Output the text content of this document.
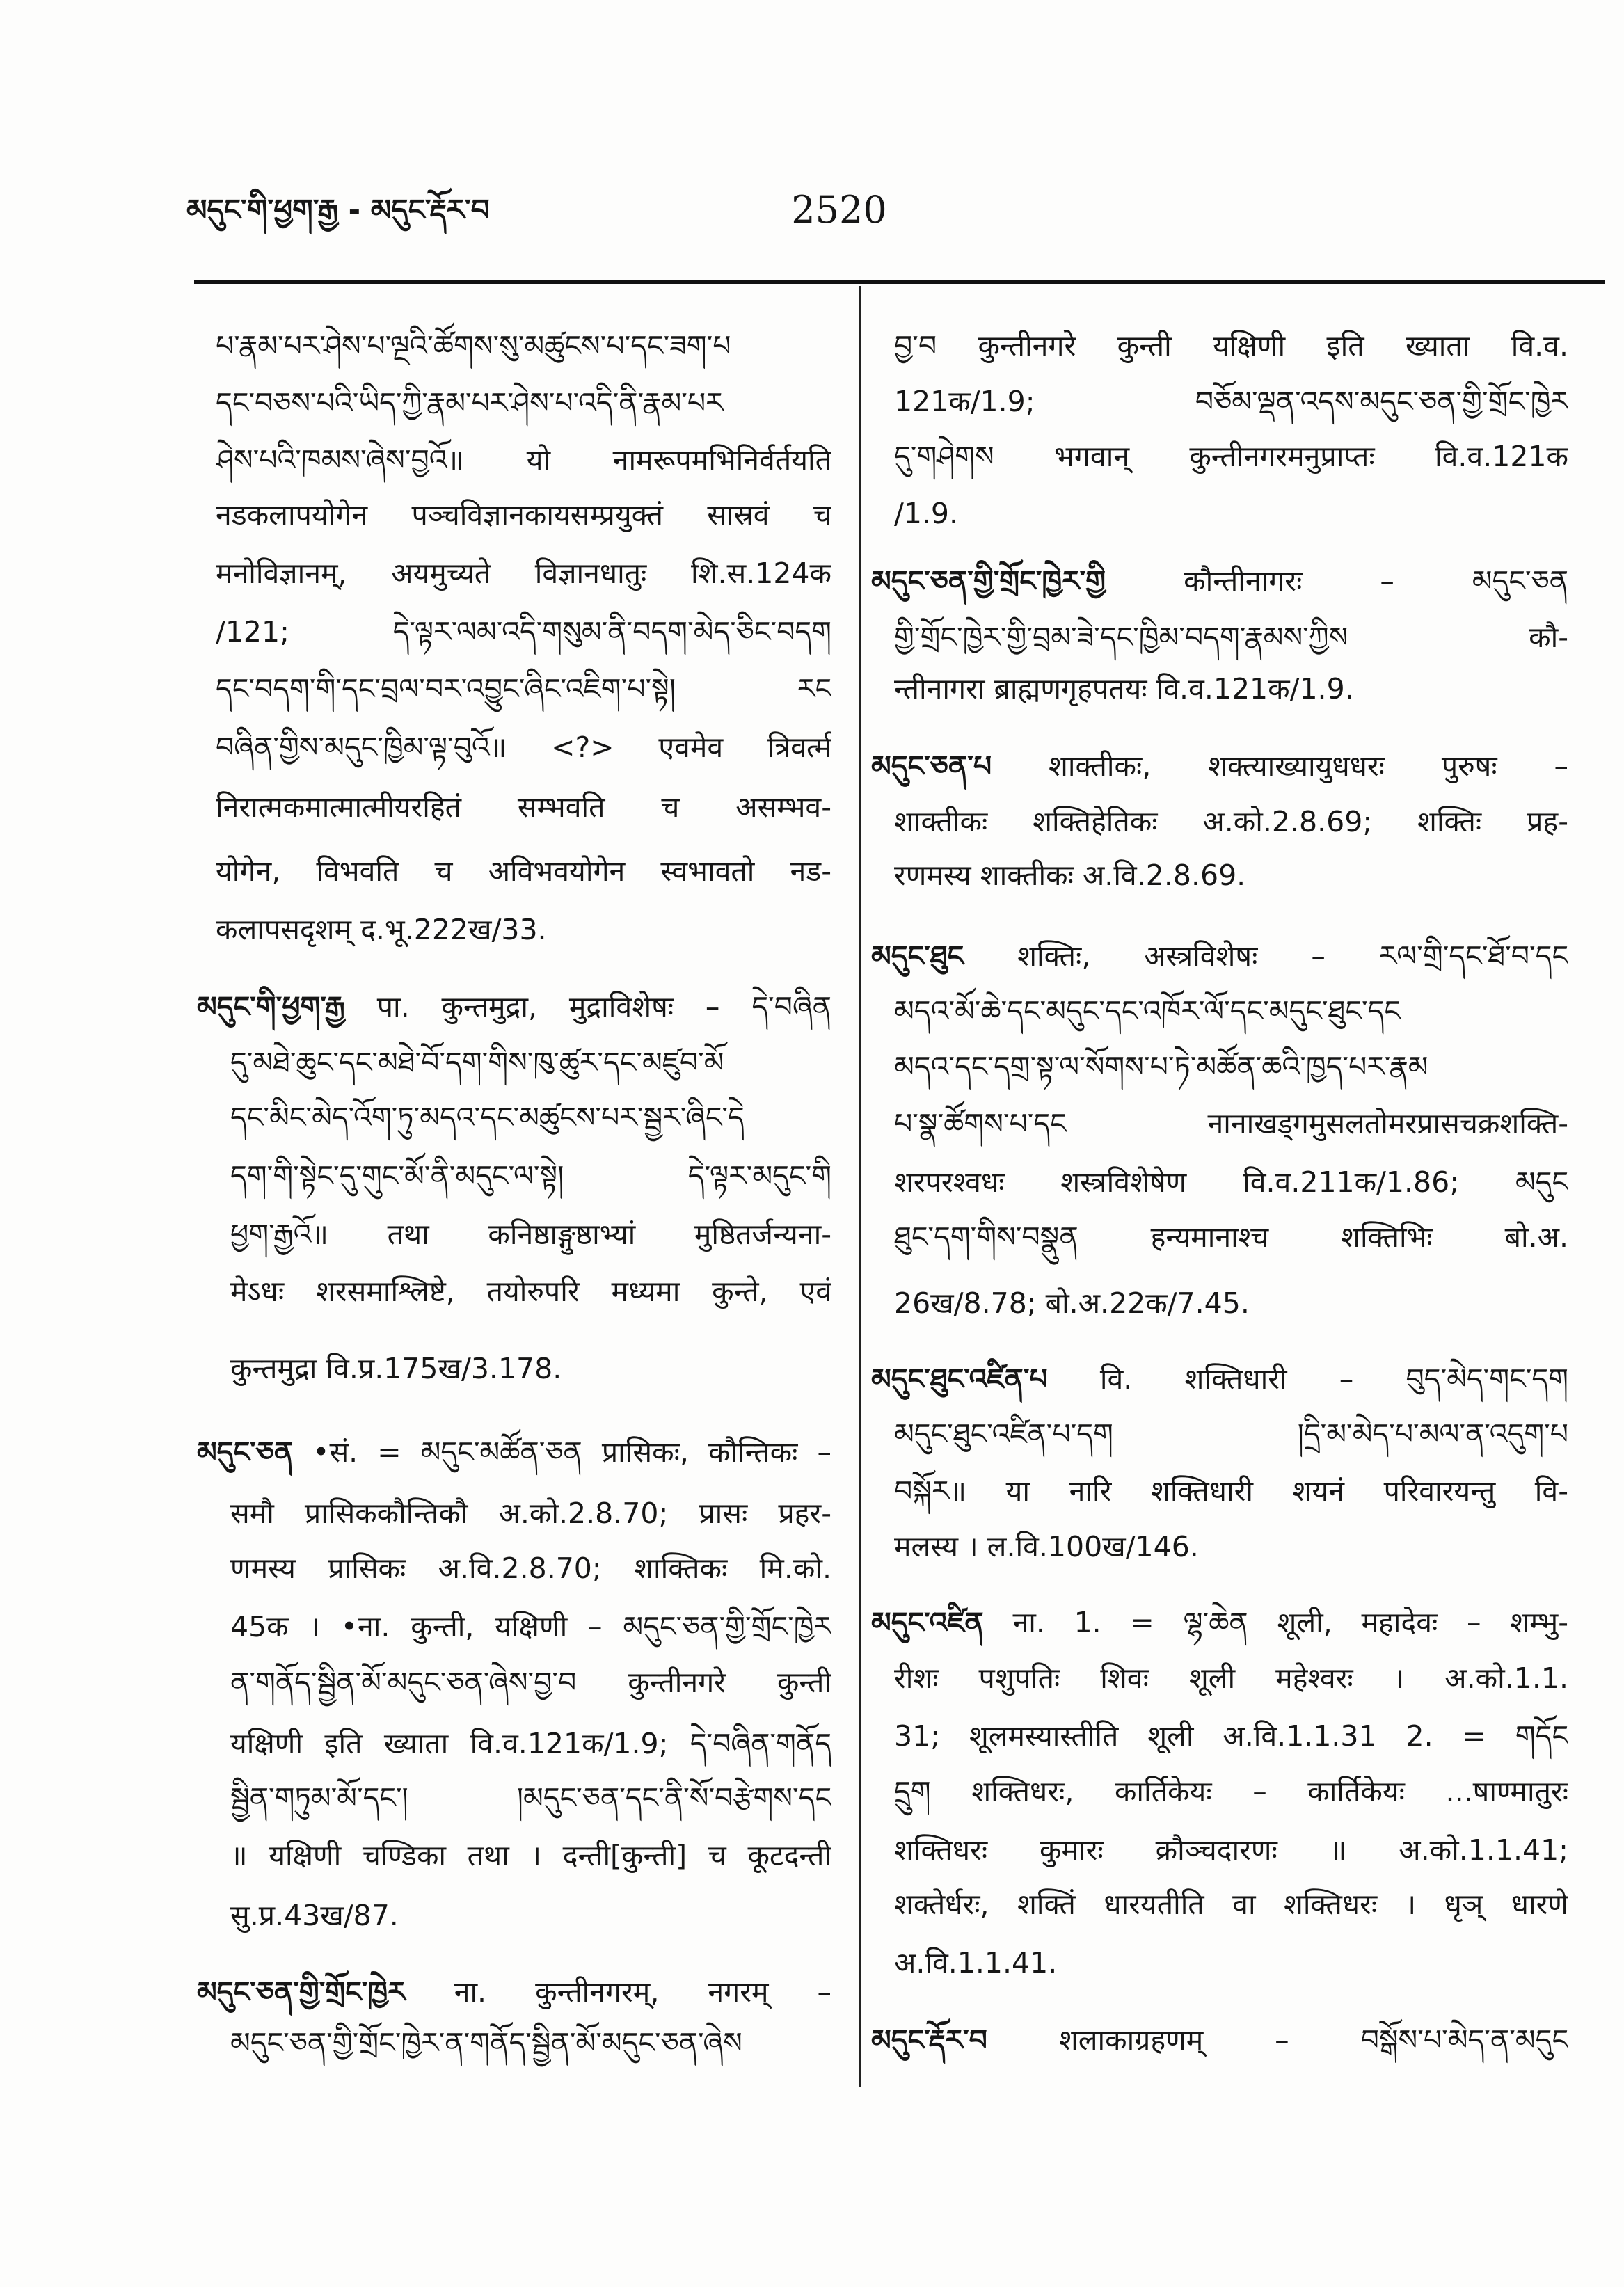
མདུང་གི་ཕྱག་རྒྱ - མདུང་རྡོར་བ	2520
པ་རྣམ་པར་ཤེས་པ་ལྔའི་ཚོགས་སུ་མཚུངས་པ་དང་ཟག་པ
དང་བཅས་པའི་ཡིད་ཀྱི་རྣམ་པར་ཤེས་པ་འདི་ནི་རྣམ་པར
ཤེས་པའི་ཁམས་ཞེས་བྱའོ॥ यो नामरूपमभिनिर्वर्तयति
नडकलापयोगेन पञ्चविज्ञानकायसम्प्रयुक्तं सास्रवं च
मनोविज्ञानम्, अयमुच्यते विज्ञानधातुः शि.स.124क
/121; དེ་ལྟར་ལམ་འདི་གསུམ་ནི་བདག་མེད་ཅིང་བདག
དང་བདག་གི་དང་བྲལ་བར་འབྱུང་ཞིང་འཇིག་པ་སྟེ། རང
བཞིན་གྱིས་མདུང་ཁྱིམ་ལྟ་བུའོ॥ <?> एवमेव त्रिवर्त्म
निरात्मकमात्मात्मीयरहितं सम्भवति च असम्भव-
योगेन, विभवति च अविभवयोगेन स्वभावतो नड-
कलापसदृशम् द.भू.222ख/33.
མདུང་གི་ཕྱག་རྒྱ पा. कुन्तमुद्रा, मुद्राविशेषः – དེ་བཞིན
དུ་མཐེ་ཆུང་དང་མཐེ་བོ་དག་གིས་ཁུ་ཚུར་དང་མཛུབ་མོ
དང་མིང་མེད་འོག་ཏུ་མདའ་དང་མཚུངས་པར་སྦྱར་ཞིང་དེ
དག་གི་སྟེང་དུ་གུང་མོ་ནི་མདུང་ལ་སྟེ། དེ་ལྟར་མདུང་གི
ཕྱག་རྒྱའོ॥ तथा कनिष्ठाङ्गुष्ठाभ्यां मुष्ठितर्जन्यना-
मेऽधः शरसमाश्लिष्टे, तयोरुपरि मध्यमा कुन्ते, एवं
कुन्तमुद्रा वि.प्र.175ख/3.178.
མདུང་ཅན •सं. = མདུང་མཚོན་ཅན प्रासिकः, कौन्तिकः –
समौ प्रासिककौन्तिकौ अ.को.2.8.70; प्रासः प्रहर-
णमस्य प्रासिकः अ.वि.2.8.70; शाक्तिकः मि.को.
45क । •ना. कुन्ती, यक्षिणी – མདུང་ཅན་གྱི་གྲོང་ཁྱེར
ན་གནོད་སྦྱིན་མོ་མདུང་ཅན་ཞེས་བྱ་བ कुन्तीनगरे कुन्ती
यक्षिणी इति ख्याता वि.व.121क/1.9; དེ་བཞིན་གནོད
སྦྱིན་གཏུམ་མོ་དང་། །མདུང་ཅན་དང་ནི་སོ་བརྩེགས་དང
॥ यक्षिणी चण्डिका तथा । दन्ती[कुन्ती] च कूटदन्ती
सु.प्र.43ख/87.
མདུང་ཅན་གྱི་གྲོང་ཁྱེར ना. कुन्तीनगरम्, नगरम् –
མདུང་ཅན་གྱི་གྲོང་ཁྱེར་ན་གནོད་སྦྱིན་མོ་མདུང་ཅན་ཞེས
བྱ་བ कुन्तीनगरे कुन्ती यक्षिणी इति ख्याता वि.व.
121क/1.9; བཅོམ་ལྡན་འདས་མདུང་ཅན་གྱི་གྲོང་ཁྱེར
དུ་གཤེགས भगवान् कुन्तीनगरमनुप्राप्तः वि.व.121क
/1.9.
མདུང་ཅན་གྱི་གྲོང་ཁྱེར་གྱི	कौन्तीनागरः – མདུང་ཅན
གྱི་གྲོང་ཁྱེར་གྱི་བྲམ་ཟེ་དང་ཁྱིམ་བདག་རྣམས་ཀྱིས कौ-
न्तीनागरा ब्राह्मणगृहपतयः वि.व.121क/1.9.
མདུང་ཅན་པ शाक्तीकः, शक्त्याख्यायुधधरः पुरुषः –
शाक्तीकः शक्तिहेतिकः अ.को.2.8.69; शक्तिः प्रह-
रणमस्य शाक्तीकः अ.वि.2.8.69.
མདུང་ཐུང शक्तिः, अस्त्रविशेषः – རལ་གྲི་དང་ཐོ་བ་དང
མདའ་མོ་ཆེ་དང་མདུང་དང་འཁོར་ལོ་དང་མདུང་ཐུང་དང
མདའ་དང་དགྲ་སྟ་ལ་སོགས་པ་ཏེ་མཚོན་ཆའི་ཁྱད་པར་རྣམ
པ་སྣ་ཚོགས་པ་དང नानाखड्गमुसलतोमरप्रासचक्रशक्ति-
शरपरश्वधः शस्त्रविशेषेण वि.व.211क/1.86; མདུང
ཐུང་དག་གིས་བསྣུན हन्यमानाश्च शक्तिभिः बो.अ.
26ख/8.78; बो.अ.22क/7.45.
མདུང་ཐུང་འཛིན་པ वि. शक्तिधारी – བུད་མེད་གང་དག
མདུང་ཐུང་འཛིན་པ་དག །དྲི་མ་མེད་པ་མལ་ན་འདུག་པ
བསྐོར॥ या नारि शक्तिधारी शयनं परिवारयन्तु वि-
मलस्य । ल.वि.100ख/146.
མདུང་འཛིན ना. 1. = ལྷ་ཆེན शूली, महादेवः – शम्भु-
रीशः पशुपतिः शिवः शूली महेश्वरः । अ.को.1.1.
31; शूलमस्यास्तीति शूली अ.वि.1.1.31 2. = གདོང
དྲུག शक्तिधरः, कार्तिकेयः – कार्तिकेयः ...षाण्मातुरः
शक्तिधरः कुमारः क्रौञ्चदारणः ॥ अ.को.1.1.41;
शक्तेर्धरः, शक्तिं धारयतीति वा शक्तिधरः । धृञ् धारणे
अ.वि.1.1.41.
མདུང་རྡོར་བ	शलाकाग्रहणम् – བསྒོས་པ་མེད་ན་མདུང
